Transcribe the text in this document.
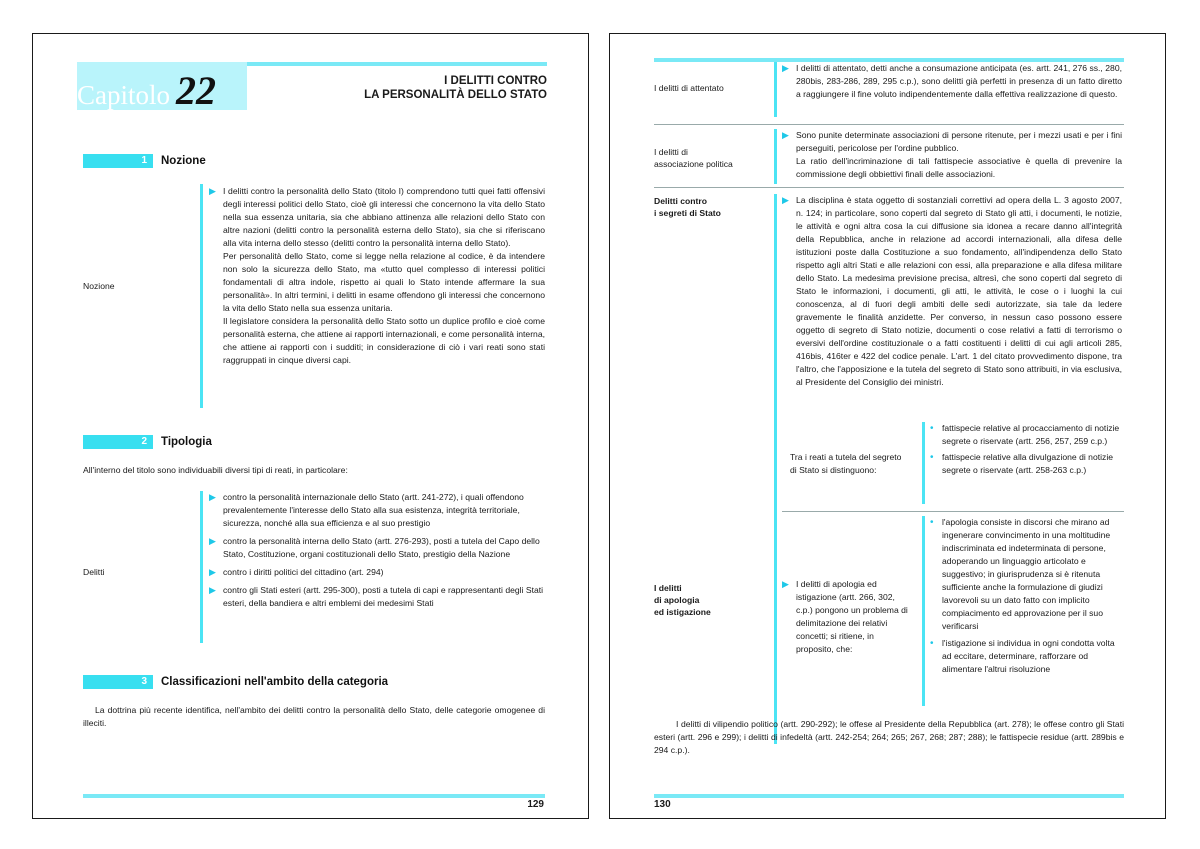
Capitolo 22	I DELITTI CONTRO
LA PERSONALITÀ DELLO STATO
1 Nozione
Nozione
▶ I delitti contro la personalità dello Stato (titolo I) comprendono tutti quei fatti offensivi degli interessi politici dello Stato, cioè gli interessi che concernono la vita dello Stato nella sua essenza unitaria, sia che abbiano attinenza alle relazioni dello Stato con altre nazioni (delitti contro la personalità esterna dello Stato), sia che si riferiscano alla vita interna dello stesso (delitti contro la personalità interna dello Stato).

Per personalità dello Stato, come si legge nella relazione al codice, è da intendere non solo la sicurezza dello Stato, ma «tutto quel complesso di interessi politici fondamentali di altra indole, rispetto ai quali lo Stato intende affermare la sua personalità». In altri termini, i delitti in esame offendono gli interessi che concernono la vita dello Stato nella sua essenza unitaria.

Il legislatore considera la personalità dello Stato sotto un duplice profilo e cioè come personalità esterna, che attiene ai rapporti internazionali, e come personalità interna, che attiene ai rapporti con i sudditi; in considerazione di ciò i vari reati sono stati raggruppati in cinque diversi capi.

2 Tipologia
All'interno del titolo sono individuabili diversi tipi di reati, in particolare:
Delitti
▶ contro la personalità internazionale dello Stato (artt. 241-272), i quali offendono prevalentemente l'interesse dello Stato alla sua esistenza, integrità territoriale, sicurezza, nonché alla sua efficienza e al suo prestigio
▶ contro la personalità interna dello Stato (artt. 276-293), posti a tutela del Capo dello Stato, Costituzione, organi costituzionali dello Stato, prestigio della Nazione
▶ contro i diritti politici del cittadino (art. 294)
▶ contro gli Stati esteri (artt. 295-300), posti a tutela di capi e rappresentanti degli Stati esteri, della bandiera e altri emblemi dei medesimi Stati
3 Classificazioni nell'ambito della categoria
La dottrina più recente identifica, nell'ambito dei delitti contro la personalità dello Stato, delle categorie omogenee di illeciti.
129
I delitti di attentato
▶ I delitti di attentato, detti anche a consumazione anticipata (es. artt. 241, 276 ss., 280, 280bis, 283-286, 289, 295 c.p.), sono delitti già perfetti in presenza di un fatto diretto a raggiungere il fine voluto indipendentemente dalla effettiva realizzazione di questo.
I delitti di
associazione politica
▶ Sono punite determinate associazioni di persone ritenute, per i mezzi usati e per i fini perseguiti, pericolose per l'ordine pubblico.

La ratio dell'incriminazione di tali fattispecie associative è quella di prevenire la commissione degli obbiettivi finali delle associazioni.

Delitti contro
i segreti di Stato
▶ La disciplina è stata oggetto di sostanziali correttivi ad opera della L. 3 agosto 2007, n. 124; in particolare, sono coperti dal segreto di Stato gli atti, i documenti, le notizie, le attività e ogni altra cosa la cui diffusione sia idonea a recare danno all'integrità della Repubblica, anche in relazione ad accordi internazionali, alla difesa delle istituzioni poste dalla Costituzione a suo fondamento, all'indipendenza dello Stato rispetto agli altri Stati e alle relazioni con essi, alla preparazione e alla difesa militare dello Stato. La medesima previsione precisa, altresì, che sono coperti dal segreto di Stato le informazioni, i documenti, gli atti, le attività, le cose o i luoghi la cui conoscenza, al di fuori degli ambiti delle sedi autorizzate, sia tale da ledere gravemente le finalità anzidette. Per converso, in nessun caso possono essere oggetto di segreto di Stato notizie, documenti o cose relativi a fatti di terrorismo o eversivi dell'ordine costituzionale o a fatti costituenti i delitti di cui agli articoli 285, 416bis, 416ter e 422 del codice penale. L'art. 1 del citato provvedimento dispone, tra l'altro, che l'apposizione e la tutela del segreto di Stato sono attribuiti, in via esclusiva, al Presidente del Consiglio dei ministri.
Tra i reati a tutela del segreto di Stato si distinguono:
• fattispecie relative al procacciamento di notizie segrete o riservate (artt. 256, 257, 259 c.p.)
• fattispecie relative alla divulgazione di notizie segrete o riservate (artt. 258-263 c.p.)
I delitti
di apologia
ed istigazione
▶ I delitti di apologia ed istigazione (artt. 266, 302, c.p.) pongono un problema di delimitazione dei relativi concetti; si ritiene, in proposito, che:
• l'apologia consiste in discorsi che mirano ad ingenerare convincimento in una moltitudine indiscriminata ed indeterminata di persone, adoperando un linguaggio articolato e suggestivo; in giurisprudenza si è ritenuta sufficiente anche la formulazione di giudizi lavorevoli su un dato fatto con implicito compiacimento ed approvazione per il suo verificarsi
• l'istigazione si individua in ogni condotta volta ad eccitare, determinare, rafforzare od alimentare l'altrui risoluzione
I delitti di vilipendio politico (artt. 290-292); le offese al Presidente della Repubblica (art. 278); le offese contro gli Stati esteri (artt. 296 e 299); i delitti di infedeltà (artt. 242-254; 264; 265; 267, 268; 287; 288); le fattispecie residue (artt. 289bis e 294 c.p.).
130
